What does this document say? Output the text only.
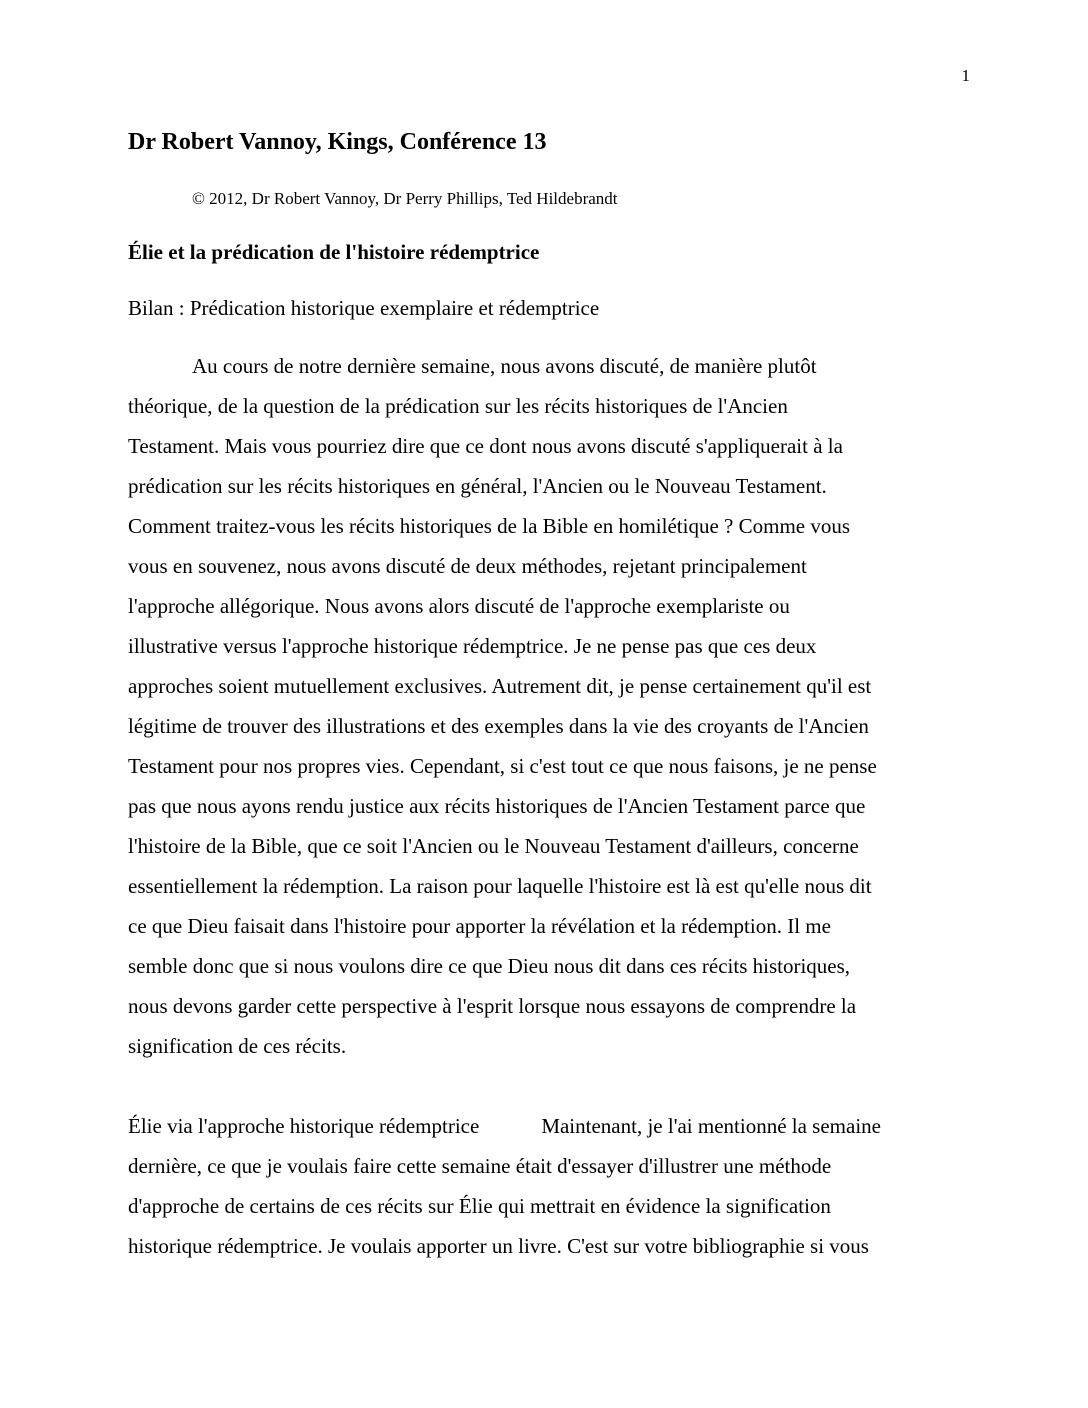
1
Dr Robert Vannoy, Kings, Conférence 13
© 2012, Dr Robert Vannoy, Dr Perry Phillips, Ted Hildebrandt
Élie et la prédication de l'histoire rédemptrice
Bilan : Prédication historique exemplaire et rédemptrice
Au cours de notre dernière semaine, nous avons discuté, de manière plutôt
théorique, de la question de la prédication sur les récits historiques de l'Ancien
Testament. Mais vous pourriez dire que ce dont nous avons discuté s'appliquerait à la
prédication sur les récits historiques en général, l'Ancien ou le Nouveau Testament.
Comment traitez-vous les récits historiques de la Bible en homilétique ? Comme vous
vous en souvenez, nous avons discuté de deux méthodes, rejetant principalement
l'approche allégorique. Nous avons alors discuté de l'approche exemplariste ou
illustrative versus l'approche historique rédemptrice. Je ne pense pas que ces deux
approches soient mutuellement exclusives. Autrement dit, je pense certainement qu'il est
légitime de trouver des illustrations et des exemples dans la vie des croyants de l'Ancien
Testament pour nos propres vies. Cependant, si c'est tout ce que nous faisons, je ne pense
pas que nous ayons rendu justice aux récits historiques de l'Ancien Testament parce que
l'histoire de la Bible, que ce soit l'Ancien ou le Nouveau Testament d'ailleurs, concerne
essentiellement la rédemption. La raison pour laquelle l'histoire est là est qu'elle nous dit
ce que Dieu faisait dans l'histoire pour apporter la révélation et la rédemption. Il me
semble donc que si nous voulons dire ce que Dieu nous dit dans ces récits historiques,
nous devons garder cette perspective à l'esprit lorsque nous essayons de comprendre la
signification de ces récits.
Élie via l'approche historique rédemptrice	Maintenant, je l'ai mentionné la semaine
dernière, ce que je voulais faire cette semaine était d'essayer d'illustrer une méthode
d'approche de certains de ces récits sur Élie qui mettrait en évidence la signification
historique rédemptrice. Je voulais apporter un livre. C'est sur votre bibliographie si vous
